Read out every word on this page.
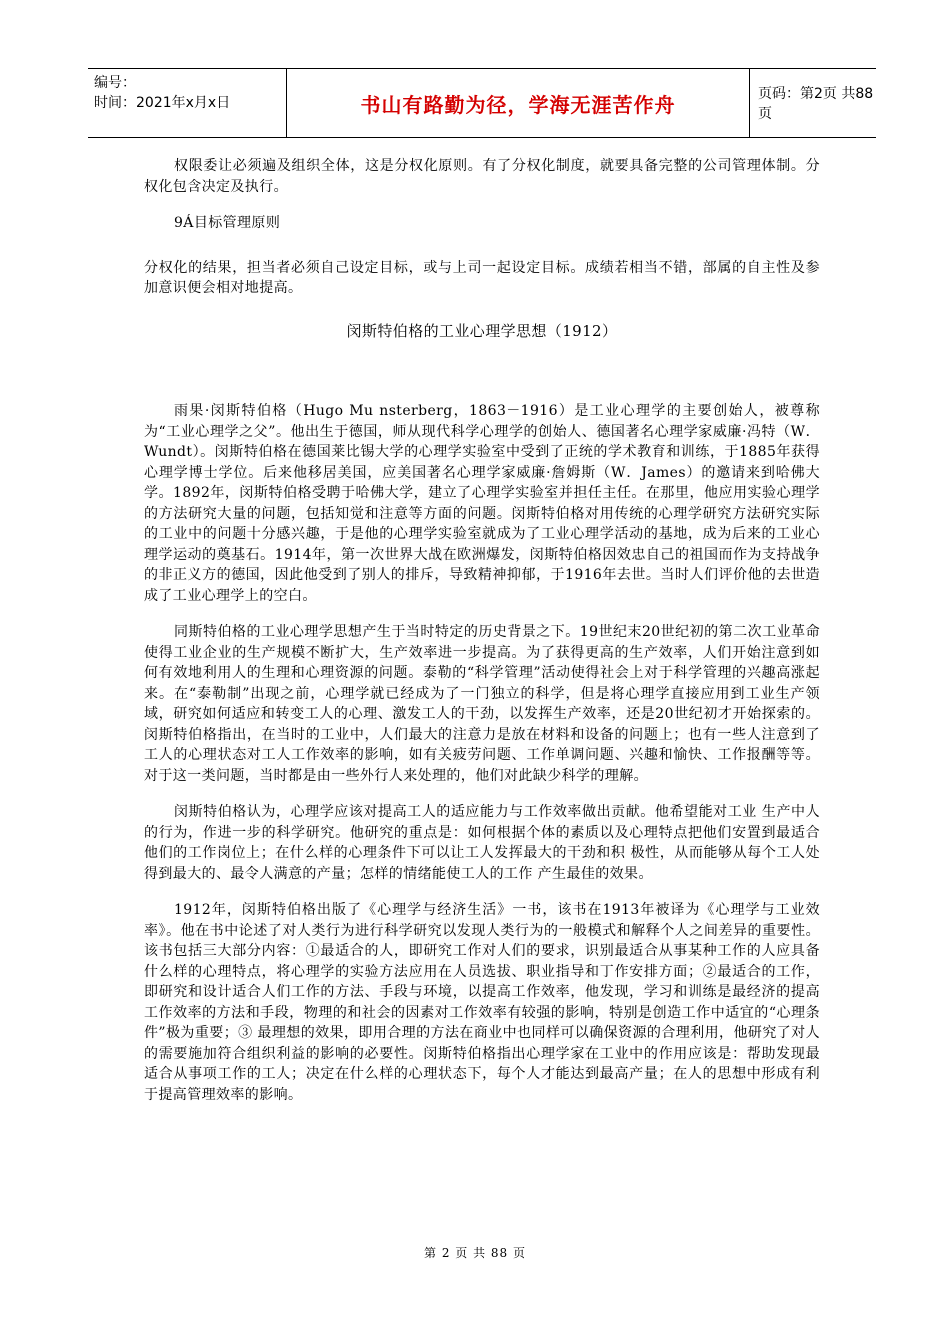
编号：
时间：2021年x月x日	书山有路勤为径，学海无涯苦作舟	页码：第2页 共88页

权限委让必须遍及组织全体，这是分权化原则。有了分权化制度，就要具备完整的公司管理体制。分权化包含决定及执行。

9Á目标管理原则

分权化的结果，担当者必须自己设定目标，或与上司一起设定目标。成绩若相当不错，部属的自主性及参加意识便会相对地提高。

闵斯特伯格的工业心理学思想（1912）

雨果·闵斯特伯格（Hugo Mu nsterberg，1863－1916）是工业心理学的主要创始人，被尊称为“工业心理学之父”。他出生于德国，师从现代科学心理学的创始人、德国著名心理学家威廉·冯特（W．Wundt）。闵斯特伯格在德国莱比锡大学的心理学实验室中受到了正统的学术教育和训练，于1885年获得心理学博士学位。后来他移居美国，应美国著名心理学家威廉·詹姆斯（W．James）的邀请来到哈佛大学。1892年，闵斯特伯格受聘于哈佛大学，建立了心理学实验室并担任主任。在那里，他应用实验心理学的方法研究大量的问题，包括知觉和注意等方面的问题。闵斯特伯格对用传统的心理学研究方法研究实际的工业中的问题十分感兴趣，于是他的心理学实验室就成为了工业心理学活动的基地，成为后来的工业心理学运动的奠基石。1914年，第一次世界大战在欧洲爆发，闵斯特伯格因效忠自己的祖国而作为支持战争的非正义方的德国，因此他受到了别人的排斥，导致精神抑郁，于1916年去世。当时人们评价他的去世造成了工业心理学上的空白。

同斯特伯格的工业心理学思想产生于当时特定的历史背景之下。19世纪末20世纪初的第二次工业革命使得工业企业的生产规模不断扩大，生产效率进一步提高。为了获得更高的生产效率，人们开始注意到如何有效地利用人的生理和心理资源的问题。泰勒的“科学管理”活动使得社会上对于科学管理的兴趣高涨起来。在“泰勒制”出现之前，心理学就已经成为了一门独立的科学，但是将心理学直接应用到工业生产领域，研究如何适应和转变工人的心理、激发工人的干劲，以发挥生产效率，还是20世纪初才开始探索的。闵斯特伯格指出，在当时的工业中，人们最大的注意力是放在材料和设备的问题上；也有一些人注意到了工人的心理状态对工人工作效率的影响，如有关疲劳问题、工作单调问题、兴趣和愉快、工作报酬等等。对于这一类问题，当时都是由一些外行人来处理的，他们对此缺少科学的理解。

闵斯特伯格认为，心理学应该对提高工人的适应能力与工作效率做出贡献。他希望能对工业 生产中人的行为，作进一步的科学研究。他研究的重点是：如何根据个体的素质以及心理特点把他们安置到最适合他们的工作岗位上；在什么样的心理条件下可以让工人发挥最大的干劲和积 极性，从而能够从每个工人处得到最大的、最令人满意的产量；怎样的情绪能使工人的工作 产生最佳的效果。

1912年，闵斯特伯格出版了《心理学与经济生活》一书，该书在1913年被译为《心理学与工业效率》。他在书中论述了对人类行为进行科学研究以发现人类行为的一般模式和解释个人之间差异的重要性。该书包括三大部分内容：①最适合的人，即研究工作对人们的要求，识别最适合从事某种工作的人应具备什么样的心理特点，将心理学的实验方法应用在人员选拔、职业指导和丁作安排方面；②最适合的工作，即研究和设计适合人们工作的方法、手段与环境，以提高工作效率，他发现，学习和训练是最经济的提高工作效率的方法和手段，物理的和社会的因素对工作效率有较强的影响，特别是创造工作中适宜的“心理条件”极为重要；③ 最理想的效果，即用合理的方法在商业中也同样可以确保资源的合理利用，他研究了对人的需要施加符合组织利益的影响的必要性。闵斯特伯格指出心理学家在工业中的作用应该是：帮助发现最适合从事项工作的工人；决定在什么样的心理状态下，每个人才能达到最高产量；在人的思想中形成有利于提高管理效率的影响。

第 2 页 共 88 页
